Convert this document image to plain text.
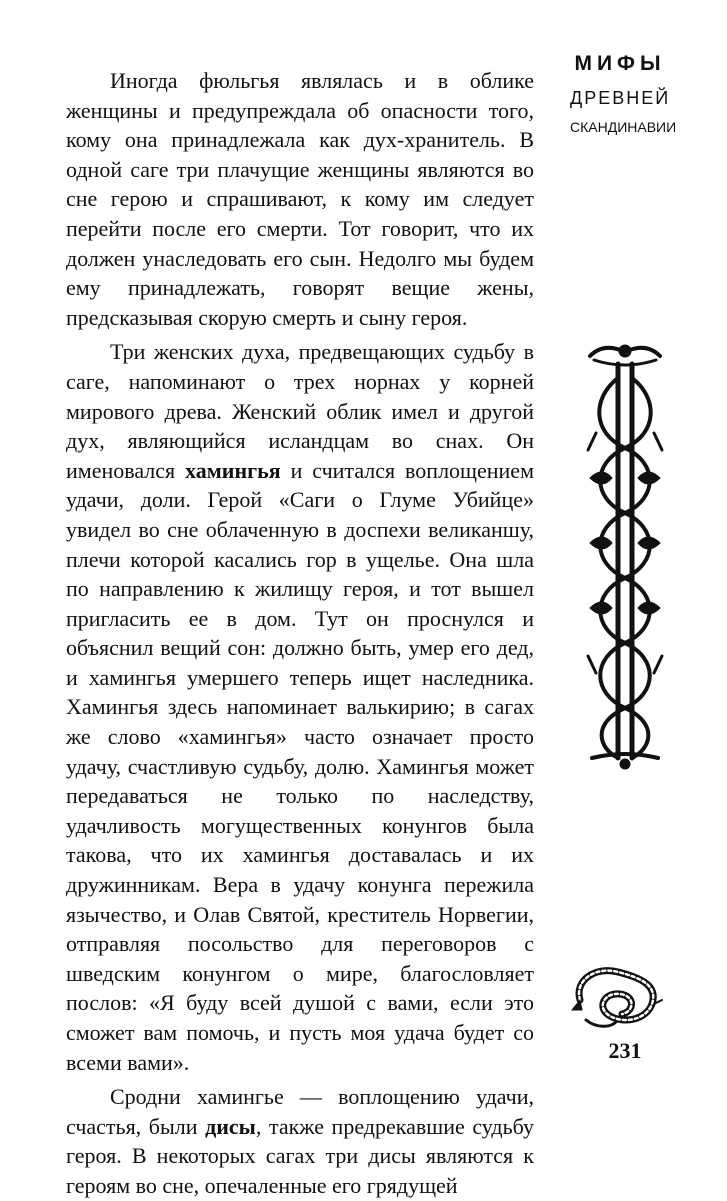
МИФЫ
ДРЕВНЕЙ
СКАНДИНАВИИ

Иногда фюльгья являлась и в облике женщины и предупреждала об опасности того, кому она принадлежала как дух-хранитель. В одной саге три плачущие женщины являются во сне герою и спрашивают, к кому им следует перейти после его смерти. Тот говорит, что их должен унаследовать его сын. Недолго мы будем ему принадлежать, говорят вещие жены, предсказывая скорую смерть и сыну героя.

Три женских духа, предвещающих судьбу в саге, напоминают о трех норнах у корней мирового древа. Женский облик имел и другой дух, являющийся исландцам во снах. Он именовался хамингья и считался воплощением удачи, доли. Герой «Саги о Глуме Убийце» увидел во сне облаченную в доспехи великаншу, плечи которой касались гор в ущелье. Она шла по направлению к жилищу героя, и тот вышел пригласить ее в дом. Тут он проснулся и объяснил вещий сон: должно быть, умер его дед, и хамингья умершего теперь ищет наследника. Хамингья здесь напоминает валькирию; в сагах же слово «хамингья» часто означает просто удачу, счастливую судьбу, долю. Хамингья может передаваться не только по наследству, удачливость могущественных конунгов была такова, что их хамингья доставалась и их дружинникам. Вера в удачу конунга пережила язычество, и Олав Святой, креститель Норвегии, отправляя посольство для переговоров с шведским конунгом о мире, благословляет послов: «Я буду всей душой с вами, если это сможет вам помочь, и пусть моя удача будет со всеми вами».

Сродни хамингье — воплощению удачи, счастья, были дисы, также предрекавшие судьбу героя. В некоторых сагах три дисы являются к героям во сне, опечаленные его грядущей

231
